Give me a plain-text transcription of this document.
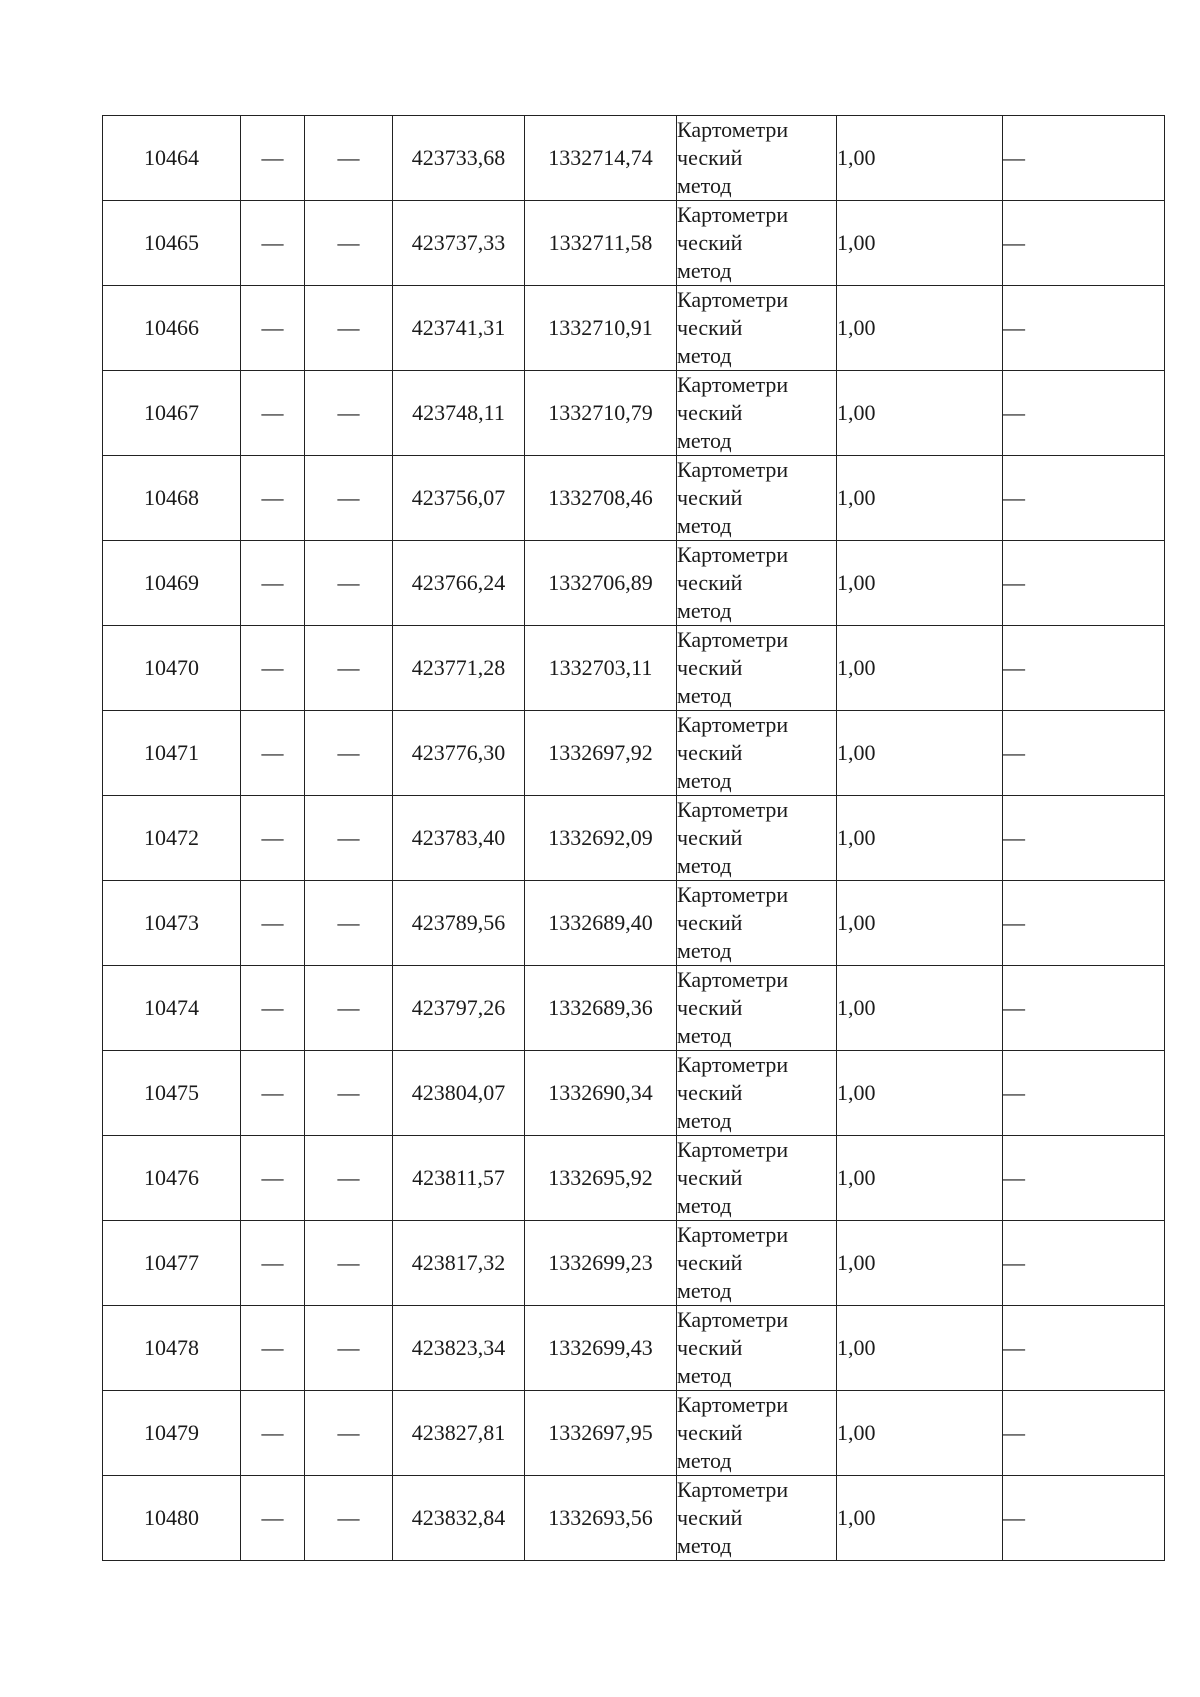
10464	—	—	423733,68	1332714,74	Картометри
ческий
метод	1,00	—
10465	—	—	423737,33	1332711,58	Картометри
ческий
метод	1,00	—
10466	—	—	423741,31	1332710,91	Картометри
ческий
метод	1,00	—
10467	—	—	423748,11	1332710,79	Картометри
ческий
метод	1,00	—
10468	—	—	423756,07	1332708,46	Картометри
ческий
метод	1,00	—
10469	—	—	423766,24	1332706,89	Картометри
ческий
метод	1,00	—
10470	—	—	423771,28	1332703,11	Картометри
ческий
метод	1,00	—
10471	—	—	423776,30	1332697,92	Картометри
ческий
метод	1,00	—
10472	—	—	423783,40	1332692,09	Картометри
ческий
метод	1,00	—
10473	—	—	423789,56	1332689,40	Картометри
ческий
метод	1,00	—
10474	—	—	423797,26	1332689,36	Картометри
ческий
метод	1,00	—
10475	—	—	423804,07	1332690,34	Картометри
ческий
метод	1,00	—
10476	—	—	423811,57	1332695,92	Картометри
ческий
метод	1,00	—
10477	—	—	423817,32	1332699,23	Картометри
ческий
метод	1,00	—
10478	—	—	423823,34	1332699,43	Картометри
ческий
метод	1,00	—
10479	—	—	423827,81	1332697,95	Картометри
ческий
метод	1,00	—
10480	—	—	423832,84	1332693,56	Картометри
ческий
метод	1,00	—
